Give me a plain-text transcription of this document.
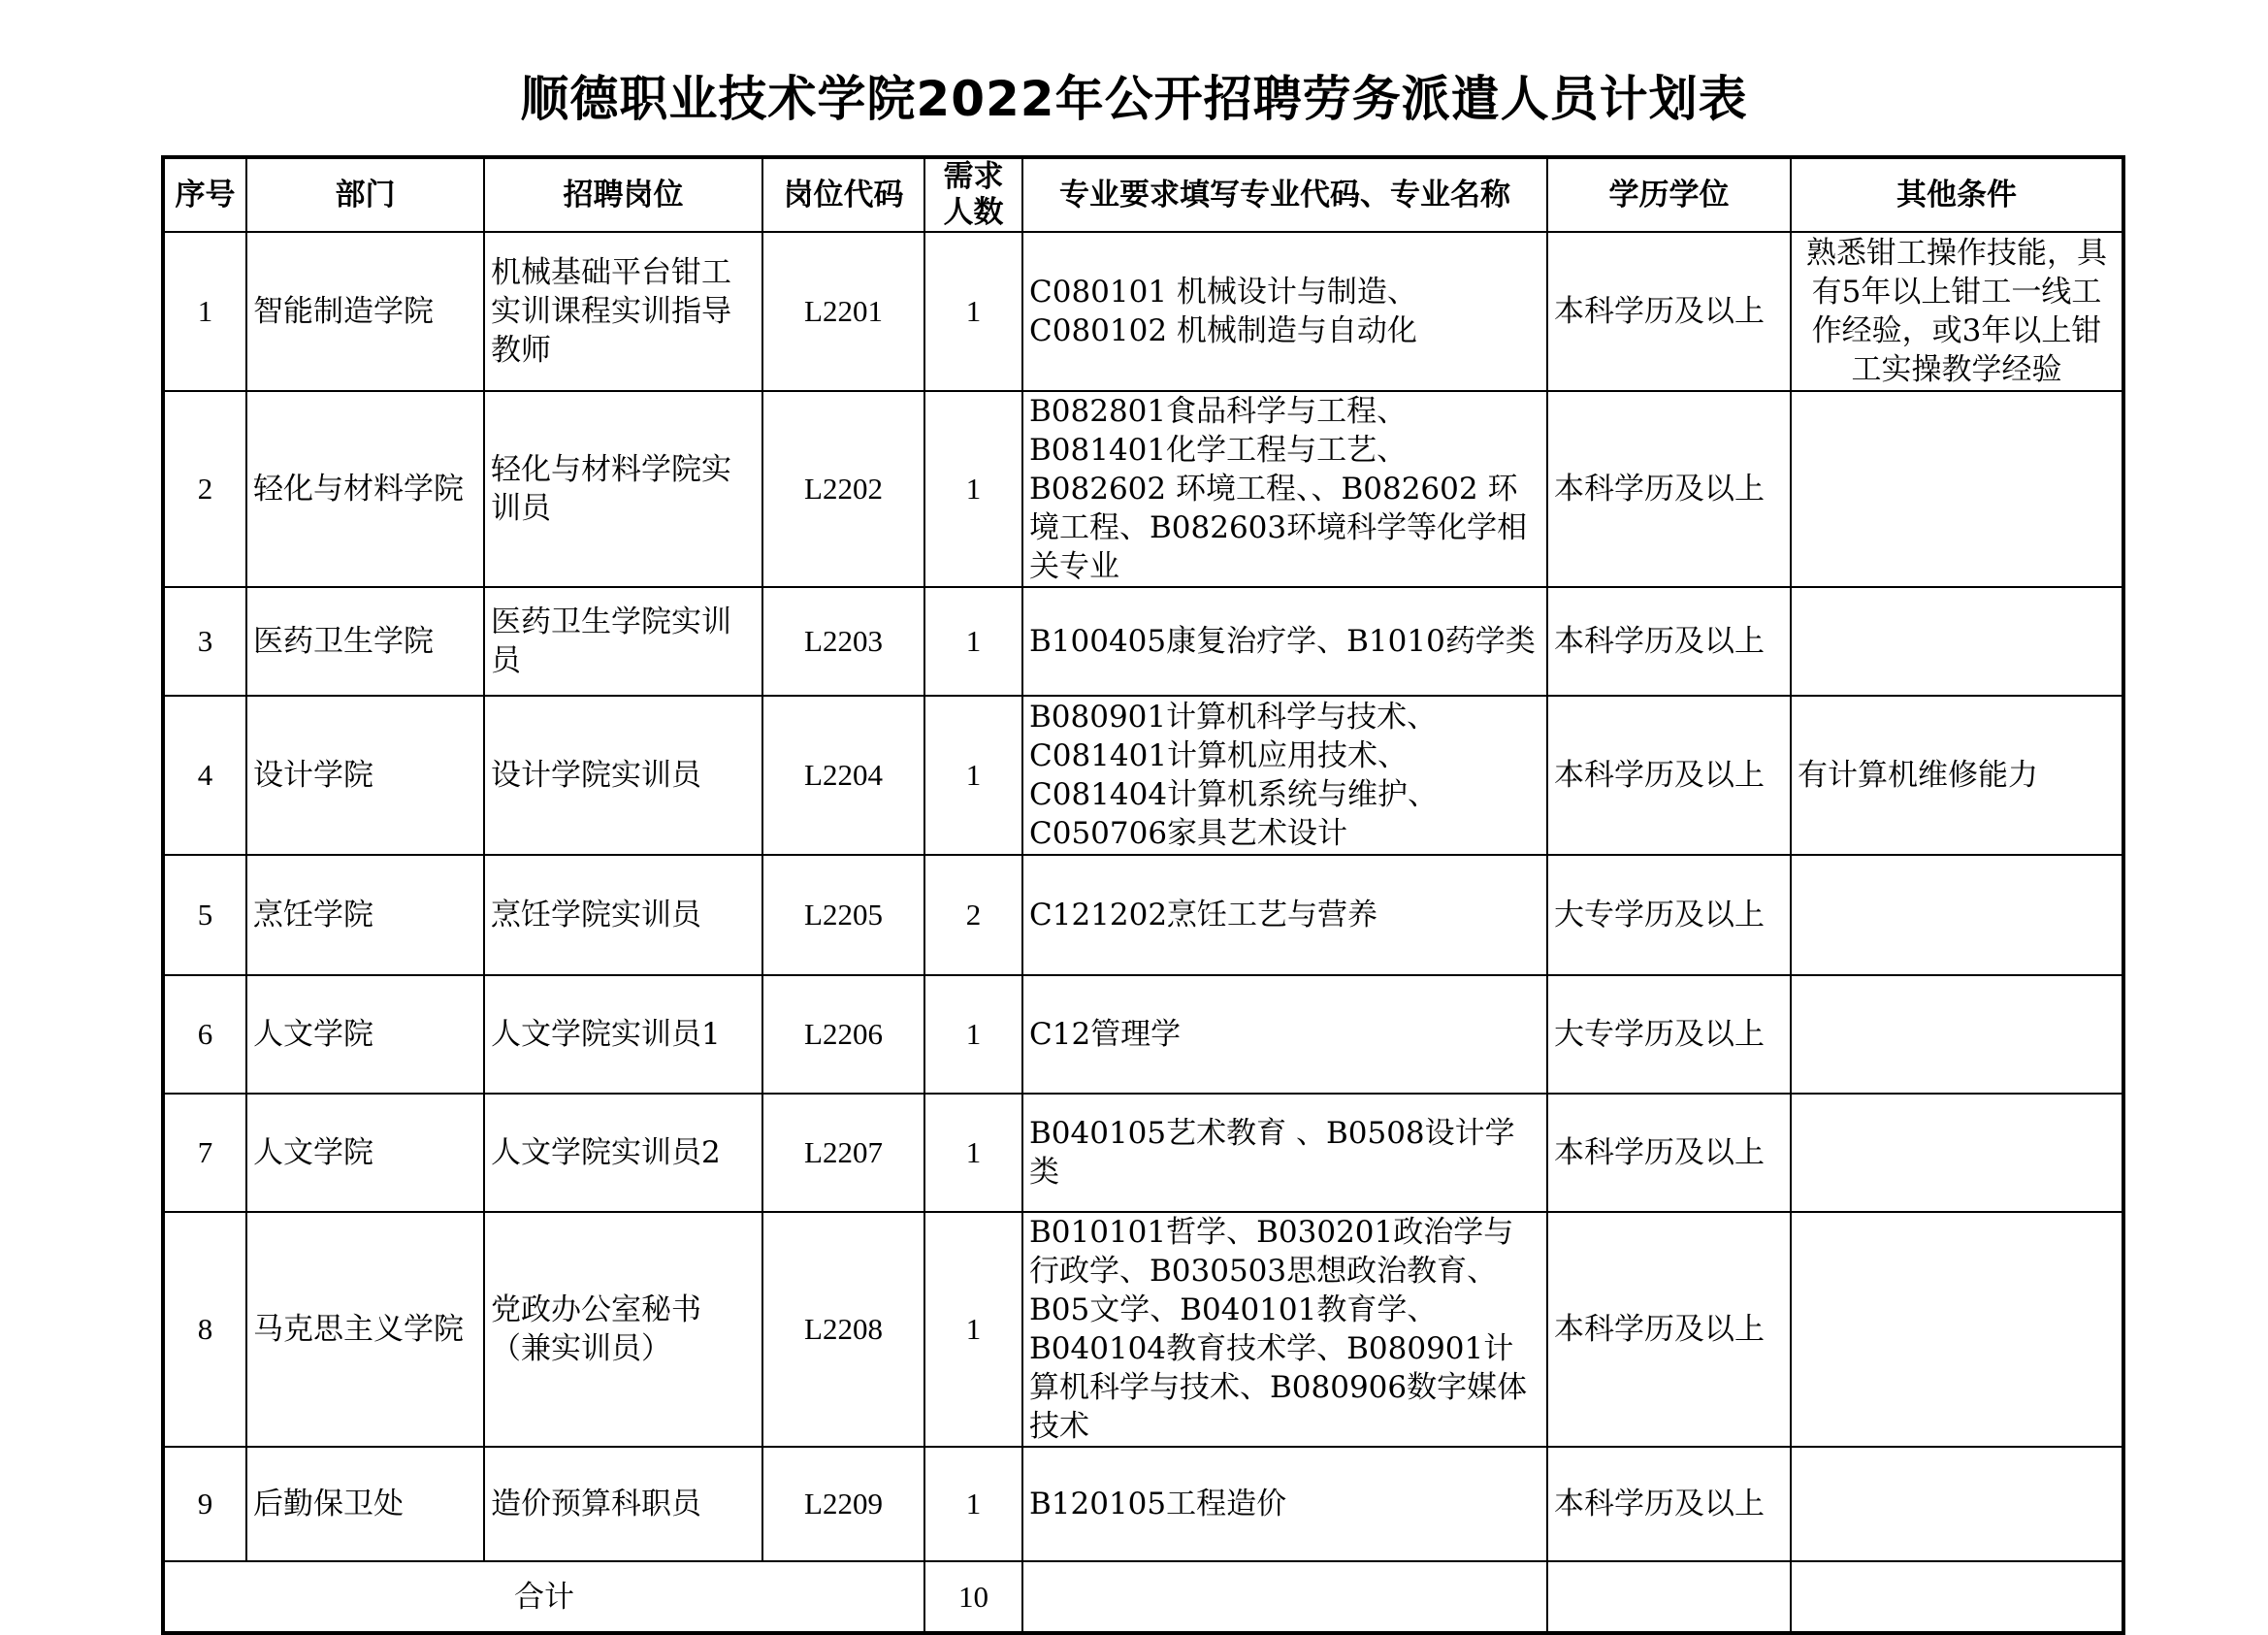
顺德职业技术学院2022年公开招聘劳务派遣人员计划表
序号	部门	招聘岗位	岗位代码	需求人数	专业要求填写专业代码、专业名称	学历学位	其他条件
1	智能制造学院	机械基础平台钳工实训课程实训指导教师	L2201	1	C080101 机械设计与制造、C080102 机械制造与自动化	本科学历及以上	熟悉钳工操作技能，具有5年以上钳工一线工作经验，或3年以上钳工实操教学经验
2	轻化与材料学院	轻化与材料学院实训员	L2202	1	B082801食品科学与工程、B081401化学工程与工艺、B082602 环境工程、、B082602 环境工程、B082603环境科学等化学相关专业	本科学历及以上	
3	医药卫生学院	医药卫生学院实训员	L2203	1	B100405康复治疗学、B1010药学类	本科学历及以上	
4	设计学院	设计学院实训员	L2204	1	B080901计算机科学与技术、C081401计算机应用技术、C081404计算机系统与维护、 C050706家具艺术设计	本科学历及以上	有计算机维修能力
5	烹饪学院	烹饪学院实训员	L2205	2	C121202烹饪工艺与营养	大专学历及以上	
6	人文学院	人文学院实训员1	L2206	1	C12管理学	大专学历及以上	
7	人文学院	人文学院实训员2	L2207	1	B040105艺术教育 、B0508设计学类	本科学历及以上	
8	马克思主义学院	党政办公室秘书（兼实训员）	L2208	1	B010101哲学、B030201政治学与行政学、B030503思想政治教育、B05文学、B040101教育学、B040104教育技术学、B080901计算机科学与技术、B080906数字媒体技术	本科学历及以上	
9	后勤保卫处	造价预算科职员	L2209	1	B120105工程造价	本科学历及以上	
合计				10			
